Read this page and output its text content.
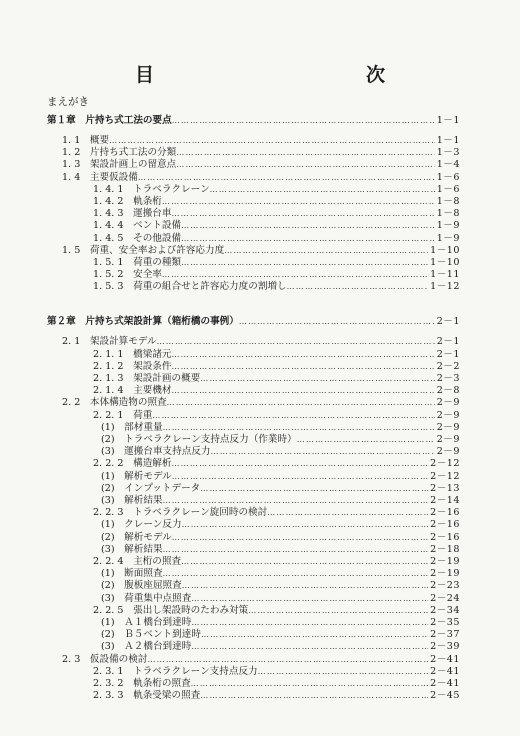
目　　次
まえがき
第１章　片持ち式工法の要点 ………………………………………………………………………………………………………………………………………………………………………………	1－1
1. 1　概要 ………………………………………………………………………………………………………………………………………………………………………………	1－1
1. 2　片持ち式工法の分類 ………………………………………………………………………………………………………………………………………………………………………………	1－3
1. 3　架設計画上の留意点 ………………………………………………………………………………………………………………………………………………………………………………	1－4
1. 4　主要仮設備 ………………………………………………………………………………………………………………………………………………………………………………	1－6
1. 4. 1　トラベラクレーン ………………………………………………………………………………………………………………………………………………………………………………	1－6
1. 4. 2　軌条桁 ………………………………………………………………………………………………………………………………………………………………………………	1－8
1. 4. 3　運搬台車 ………………………………………………………………………………………………………………………………………………………………………………	1－8
1. 4. 4　ベント設備 ………………………………………………………………………………………………………………………………………………………………………………	1－9
1. 4. 5　その他設備 ………………………………………………………………………………………………………………………………………………………………………………	1－9
1. 5　荷重、安全率および許容応力度 ………………………………………………………………………………………………………………………………………………………………………………	1－10
1. 5. 1　荷重の種類 ………………………………………………………………………………………………………………………………………………………………………………	1－10
1. 5. 2　安全率 ………………………………………………………………………………………………………………………………………………………………………………	1－11
1. 5. 3　荷重の組合せと許容応力度の割増し ………………………………………………………………………………………………………………………………………………………………………………	1－12
第２章　片持ち式架設計算（箱桁橋の事例） ………………………………………………………………………………………………………………………………………………………………………………	2－1
2. 1　架設計算モデル ………………………………………………………………………………………………………………………………………………………………………………	2－1
2. 1. 1　橋梁諸元 ………………………………………………………………………………………………………………………………………………………………………………	2－1
2. 1. 2　架設条件 ………………………………………………………………………………………………………………………………………………………………………………	2－2
2. 1. 3　架設計画の概要 ………………………………………………………………………………………………………………………………………………………………………………	2－3
2. 1. 4　主要機材 ………………………………………………………………………………………………………………………………………………………………………………	2－8
2. 2　本体構造物の照査 ………………………………………………………………………………………………………………………………………………………………………………	2－9
2. 2. 1　荷重 ………………………………………………………………………………………………………………………………………………………………………………	2－9
(1)　部材重量 ………………………………………………………………………………………………………………………………………………………………………………	2－9
(2)　トラベラクレーン支持点反力（作業時） ………………………………………………………………………………………………………………………………………………………………………………	2－9
(3)　運搬台車支持点反力 ………………………………………………………………………………………………………………………………………………………………………………	2－9
2. 2. 2　構造解析 ………………………………………………………………………………………………………………………………………………………………………………	2－12
(1)　解析モデル ………………………………………………………………………………………………………………………………………………………………………………	2－12
(2)　インプットデータ ………………………………………………………………………………………………………………………………………………………………………………	2－13
(3)　解析結果 ………………………………………………………………………………………………………………………………………………………………………………	2－14
2. 2. 3　トラベラクレーン旋回時の検討 ………………………………………………………………………………………………………………………………………………………………………………	2－16
(1)　クレーン反力 ………………………………………………………………………………………………………………………………………………………………………………	2－16
(2)　解析モデル ………………………………………………………………………………………………………………………………………………………………………………	2－16
(3)　解析結果 ………………………………………………………………………………………………………………………………………………………………………………	2－18
2. 2. 4　主桁の照査 ………………………………………………………………………………………………………………………………………………………………………………	2－19
(1)　断面照査 ………………………………………………………………………………………………………………………………………………………………………………	2－19
(2)　腹板座屈照査 ………………………………………………………………………………………………………………………………………………………………………………	2－23
(3)　荷重集中点照査 ………………………………………………………………………………………………………………………………………………………………………………	2－24
2. 2. 5　張出し架設時のたわみ対策 ………………………………………………………………………………………………………………………………………………………………………………	2－34
(1)　Ａ１橋台到達時 ………………………………………………………………………………………………………………………………………………………………………………	2－35
(2)　Ｂ５ベント到達時 ………………………………………………………………………………………………………………………………………………………………………………	2－37
(3)　Ａ２橋台到達時 ………………………………………………………………………………………………………………………………………………………………………………	2－39
2. 3　仮設備の検討 ………………………………………………………………………………………………………………………………………………………………………………	2－41
2. 3. 1　トラベラクレーン支持点反力 ………………………………………………………………………………………………………………………………………………………………………………	2－41
2. 3. 2　軌条桁の照査 ………………………………………………………………………………………………………………………………………………………………………………	2－41
2. 3. 3　軌条受梁の照査 ………………………………………………………………………………………………………………………………………………………………………………	2－45
